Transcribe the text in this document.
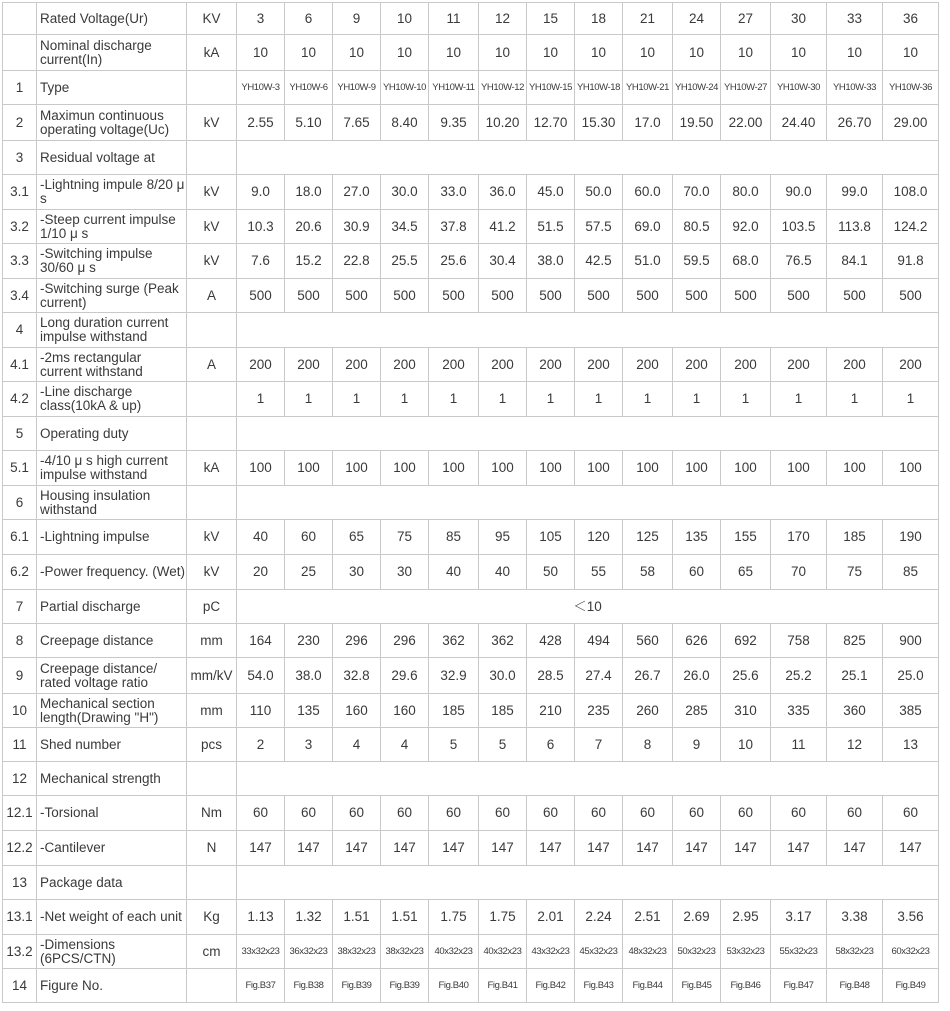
	Rated Voltage(Ur)	KV	3	6	9	10	11	12	15	18	21	24	27	30	33	36
	Nominal discharge current(In)	kA	10	10	10	10	10	10	10	10	10	10	10	10	10	10
1	Type		YH10W-3	YH10W-6	YH10W-9	YH10W-10	YH10W-11	YH10W-12	YH10W-15	YH10W-18	YH10W-21	YH10W-24	YH10W-27	YH10W-30	YH10W-33	YH10W-36
2	Maximun continuous operating voltage(Uc)	kV	2.55	5.10	7.65	8.40	9.35	10.20	12.70	15.30	17.0	19.50	22.00	24.40	26.70	29.00
3	Residual voltage at															
3.1	-Lightning impule 8/20 μ s	kV	9.0	18.0	27.0	30.0	33.0	36.0	45.0	50.0	60.0	70.0	80.0	90.0	99.0	108.0
3.2	-Steep current impulse 1/10 μ s	kV	10.3	20.6	30.9	34.5	37.8	41.2	51.5	57.5	69.0	80.5	92.0	103.5	113.8	124.2
3.3	-Switching impulse 30/60 μ s	kV	7.6	15.2	22.8	25.5	25.6	30.4	38.0	42.5	51.0	59.5	68.0	76.5	84.1	91.8
3.4	-Switching surge (Peak current)	A	500	500	500	500	500	500	500	500	500	500	500	500	500	500
4	Long duration current impulse withstand															
4.1	-2ms rectangular current withstand	A	200	200	200	200	200	200	200	200	200	200	200	200	200	200
4.2	-Line discharge class(10kA & up)		1	1	1	1	1	1	1	1	1	1	1	1	1	1
5	Operating duty															
5.1	-4/10 μ s high current impulse withstand	kA	100	100	100	100	100	100	100	100	100	100	100	100	100	100
6	Housing insulation withstand															
6.1	-Lightning impulse	kV	40	60	65	75	85	95	105	120	125	135	155	170	185	190
6.2	-Power frequency. (Wet)	kV	20	25	30	30	40	40	50	55	58	60	65	70	75	85
7	Partial discharge	pC	＜10													
8	Creepage distance	mm	164	230	296	296	362	362	428	494	560	626	692	758	825	900
9	Creepage distance/ rated voltage ratio	mm/kV	54.0	38.0	32.8	29.6	32.9	30.0	28.5	27.4	26.7	26.0	25.6	25.2	25.1	25.0
10	Mechanical section length(Drawing "H")	mm	110	135	160	160	185	185	210	235	260	285	310	335	360	385
11	Shed number	pcs	2	3	4	4	5	5	6	7	8	9	10	11	12	13
12	Mechanical strength															
12.1	-Torsional	Nm	60	60	60	60	60	60	60	60	60	60	60	60	60	60
12.2	-Cantilever	N	147	147	147	147	147	147	147	147	147	147	147	147	147	147
13	Package data															
13.1	-Net weight of each unit	Kg	1.13	1.32	1.51	1.51	1.75	1.75	2.01	2.24	2.51	2.69	2.95	3.17	3.38	3.56
13.2	-Dimensions (6PCS/CTN)	cm	33x32x23	36x32x23	38x32x23	38x32x23	40x32x23	40x32x23	43x32x23	45x32x23	48x32x23	50x32x23	53x32x23	55x32x23	58x32x23	60x32x23
14	Figure No.		Fig.B37	Fig.B38	Fig.B39	Fig.B39	Fig.B40	Fig.B41	Fig.B42	Fig.B43	Fig.B44	Fig.B45	Fig.B46	Fig.B47	Fig.B48	Fig.B49
